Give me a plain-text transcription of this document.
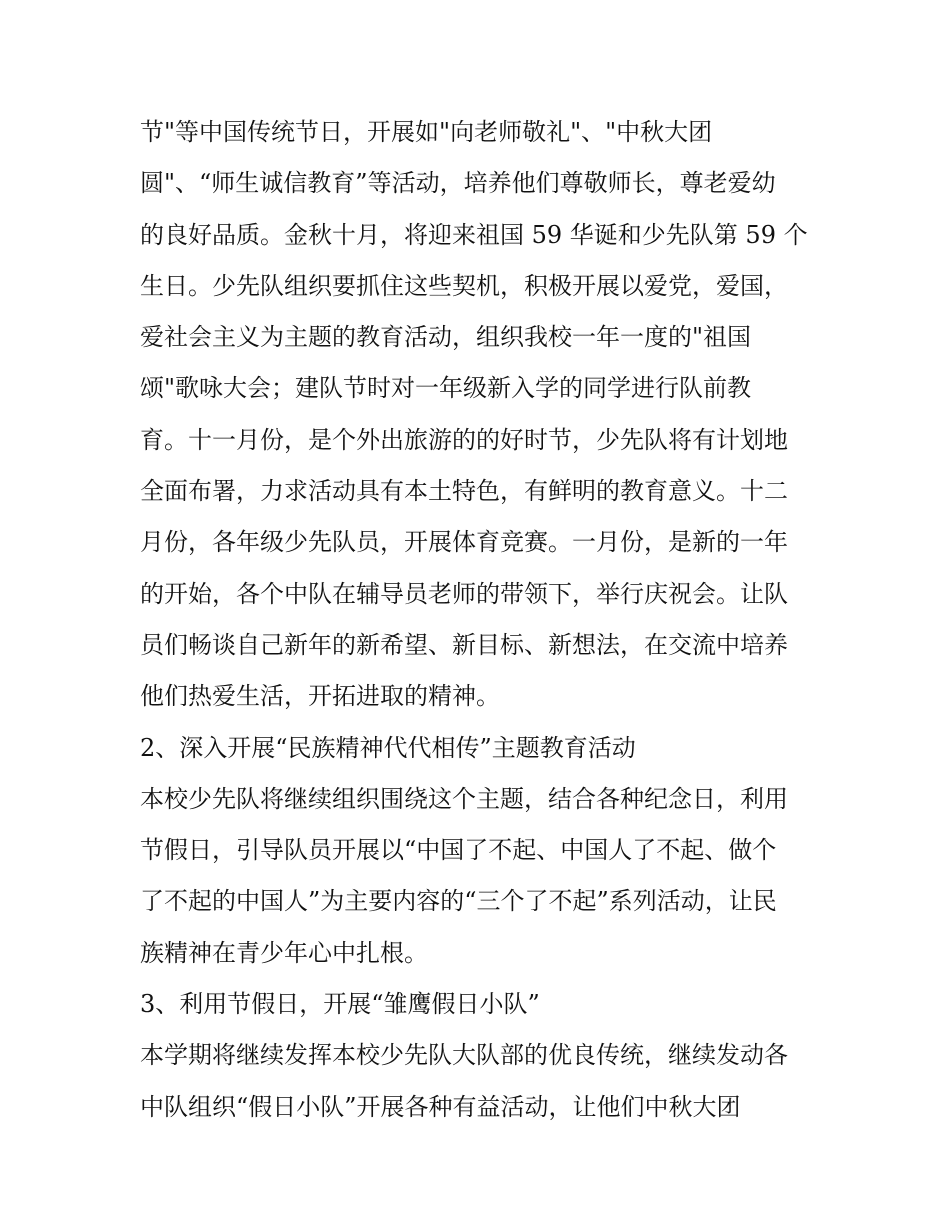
节"等中国传统节日，开展如"向老师敬礼"、"中秋大团
圆"、“师生诚信教育”等活动，培养他们尊敬师长，尊老爱幼
的良好品质。金秋十月，将迎来祖国 59 华诞和少先队第 59 个
生日。少先队组织要抓住这些契机，积极开展以爱党，爱国，
爱社会主义为主题的教育活动，组织我校一年一度的"祖国
颂"歌咏大会；建队节时对一年级新入学的同学进行队前教
育。十一月份，是个外出旅游的的好时节，少先队将有计划地
全面布署，力求活动具有本土特色，有鲜明的教育意义。十二
月份，各年级少先队员，开展体育竞赛。一月份，是新的一年
的开始，各个中队在辅导员老师的带领下，举行庆祝会。让队
员们畅谈自己新年的新希望、新目标、新想法，在交流中培养
他们热爱生活，开拓进取的精神。
2、深入开展“民族精神代代相传”主题教育活动
本校少先队将继续组织围绕这个主题，结合各种纪念日，利用
节假日，引导队员开展以“中国了不起、中国人了不起、做个
了不起的中国人”为主要内容的“三个了不起”系列活动，让民
族精神在青少年心中扎根。
3、利用节假日，开展“雏鹰假日小队”
本学期将继续发挥本校少先队大队部的优良传统，继续发动各
中队组织“假日小队”开展各种有益活动，让他们中秋大团
